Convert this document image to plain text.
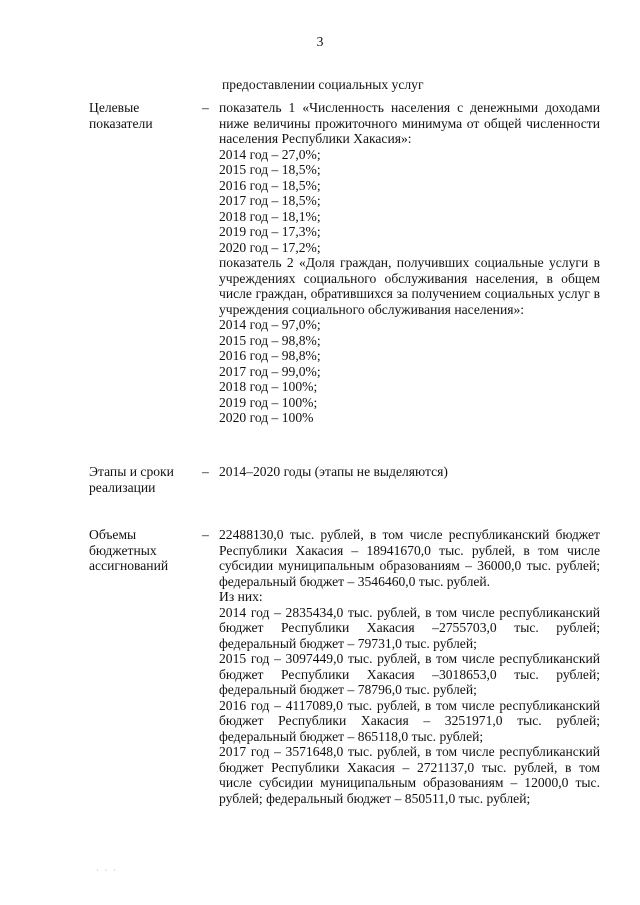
3
предоставлении социальных услуг
Целевые показатели
– показатель 1 «Численность населения с денежными доходами ниже величины прожиточного минимума от общей численности населения Республики Хакасия»:

2014 год – 27,0%;
2015 год – 18,5%;
2016 год – 18,5%;
2017 год – 18,5%;
2018 год – 18,1%;
2019 год – 17,3%;
2020 год – 17,2%;

показатель 2 «Доля граждан, получивших социальные услуги в учреждениях социального обслуживания населения, в общем числе граждан, обратившихся за получением социальных услуг в учреждения социального обслуживания населения»:

2014 год – 97,0%;
2015 год – 98,8%;
2016 год – 98,8%;
2017 год – 99,0%;
2018 год – 100%;
2019 год – 100%;
2020 год – 100%
Этапы и сроки реализации
– 2014–2020 годы (этапы не выделяются)

Объемы бюджетных ассигнований
– 22488130,0 тыс. рублей, в том числе республиканский бюджет Республики Хакасия – 18941670,0 тыс. рублей, в том числе субсидии муниципальным образованиям – 36000,0 тыс. рублей; федеральный бюджет – 3546460,0 тыс. рублей.

Из них:

2014 год – 2835434,0 тыс. рублей, в том числе республиканский бюджет Республики Хакасия –2755703,0 тыс. рублей; федеральный бюджет – 79731,0 тыс. рублей;

2015 год – 3097449,0 тыс. рублей, в том числе республиканский бюджет Республики Хакасия –3018653,0 тыс. рублей; федеральный бюджет – 78796,0 тыс. рублей;

2016 год – 4117089,0 тыс. рублей, в том числе республиканский бюджет Республики Хакасия – 3251971,0 тыс. рублей; федеральный бюджет – 865118,0 тыс. рублей;

2017 год – 3571648,0 тыс. рублей, в том числе республиканский бюджет Республики Хакасия – 2721137,0 тыс. рублей, в том числе субсидии муниципальным образованиям – 12000,0 тыс. рублей; федеральный бюджет – 850511,0 тыс. рублей;

· · ·
